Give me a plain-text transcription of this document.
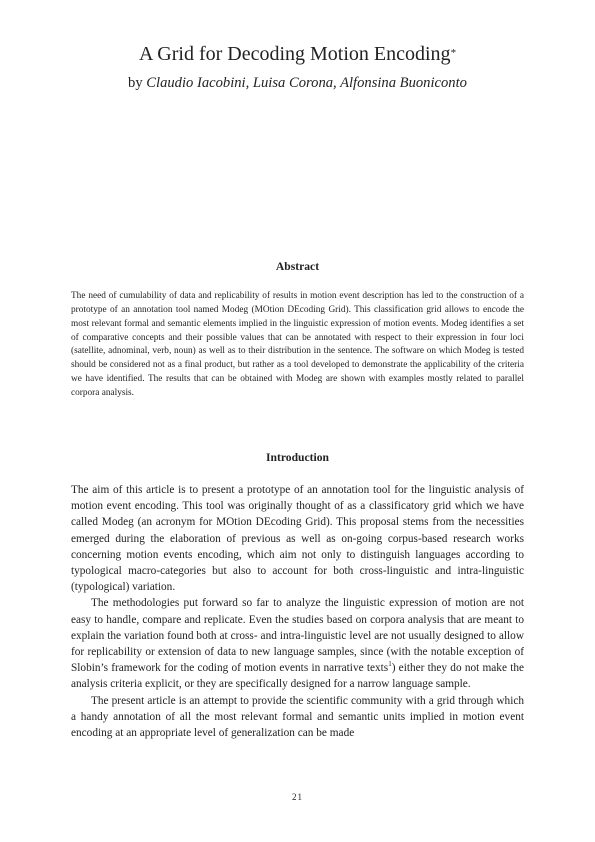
A Grid for Decoding Motion Encoding*
by Claudio Iacobini, Luisa Corona, Alfonsina Buoniconto
Abstract

The need of cumulability of data and replicability of results in motion event description has led to the construction of a prototype of an annotation tool named Modeg (MOtion DEcoding Grid). This classification grid allows to encode the most relevant formal and semantic elements implied in the linguistic expression of motion events. Modeg identifies a set of comparative concepts and their possible values that can be annotated with respect to their expression in four loci (satellite, adnominal, verb, noun) as well as to their distribution in the sentence. The software on which Modeg is tested should be considered not as a final product, but rather as a tool developed to demonstrate the applicability of the criteria we have identified. The results that can be obtained with Modeg are shown with examples mostly related to parallel corpora analysis.

Introduction

The aim of this article is to present a prototype of an annotation tool for the linguistic analysis of motion event encoding. This tool was originally thought of as a classificatory grid which we have called Modeg (an acronym for MOtion DEcoding Grid). This proposal stems from the necessities emerged during the elaboration of previous as well as on-going corpus-based research works concerning motion events encoding, which aim not only to distinguish languages according to typological macro-categories but also to account for both cross-linguistic and intra-linguistic (typological) variation.

The methodologies put forward so far to analyze the linguistic expression of motion are not easy to handle, compare and replicate. Even the studies based on corpora analysis that are meant to explain the variation found both at cross- and intra-linguistic level are not usually designed to allow for replicability or extension of data to new language samples, since (with the notable exception of Slobin’s framework for the coding of motion events in narrative texts$^1$) either they do not make the analysis criteria explicit, or they are specifically designed for a narrow language sample.

The present article is an attempt to provide the scientific community with a grid through which a handy annotation of all the most relevant formal and semantic units implied in motion event encoding at an appropriate level of generalization can be made

21
